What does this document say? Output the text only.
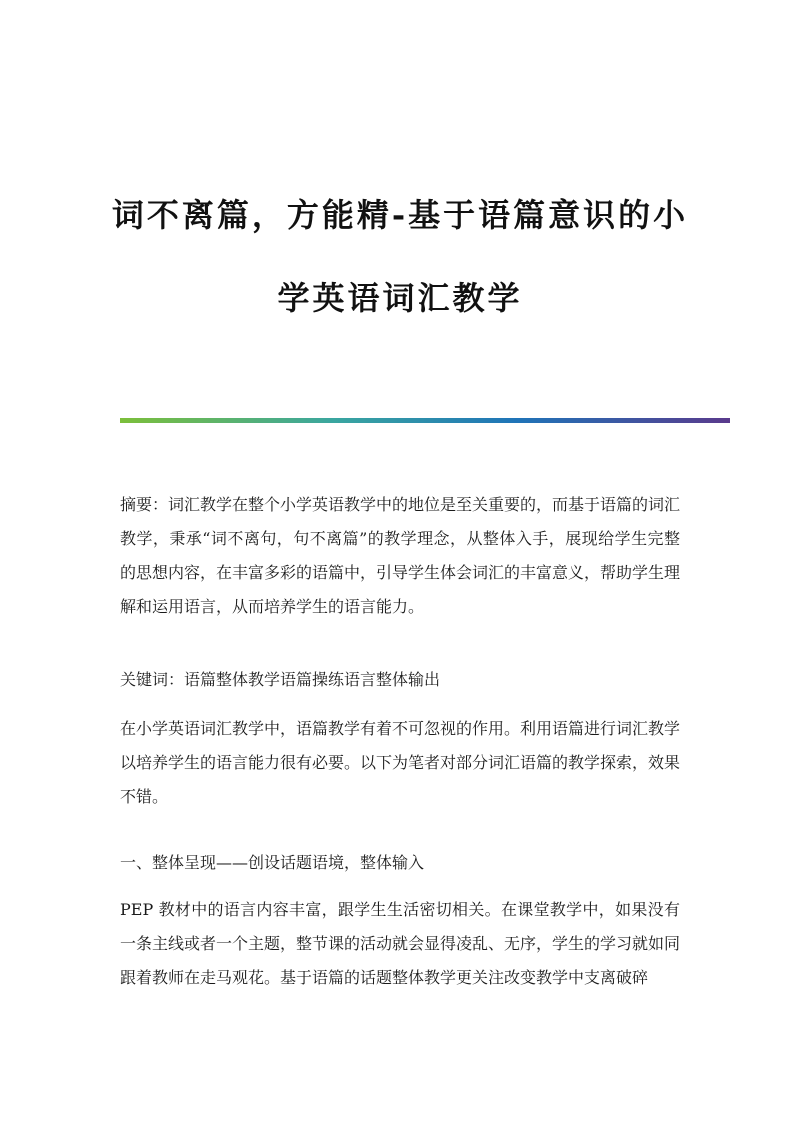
词不离篇，方能精-基于语篇意识的小
学英语词汇教学

摘要：词汇教学在整个小学英语教学中的地位是至关重要的，而基于语篇的词汇教学，秉承“词不离句，句不离篇”的教学理念，从整体入手，展现给学生完整的思想内容，在丰富多彩的语篇中，引导学生体会词汇的丰富意义，帮助学生理解和运用语言，从而培养学生的语言能力。

关键词：语篇整体教学语篇操练语言整体输出

在小学英语词汇教学中，语篇教学有着不可忽视的作用。利用语篇进行词汇教学以培养学生的语言能力很有必要。以下为笔者对部分词汇语篇的教学探索，效果不错。

一、整体呈现——创设话题语境，整体输入

PEP 教材中的语言内容丰富，跟学生生活密切相关。在课堂教学中，如果没有一条主线或者一个主题，整节课的活动就会显得凌乱、无序，学生的学习就如同跟着教师在走马观花。基于语篇的话题整体教学更关注改变教学中支离破碎
